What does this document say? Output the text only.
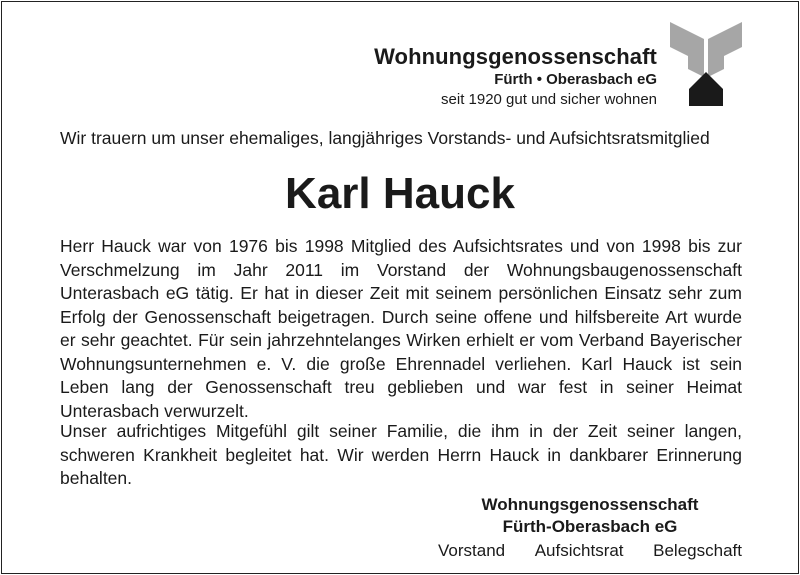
Wohnungsgenossenschaft
Fürth • Oberasbach eG
seit 1920 gut und sicher wohnen
Wir trauern um unser ehemaliges, langjähriges Vorstands- und Aufsichtsratsmitglied
Karl Hauck

Herr Hauck war von 1976 bis 1998 Mitglied des Aufsichtsrates und von 1998 bis zur Verschmelzung im Jahr 2011 im Vorstand der Wohnungsbaugenossenschaft Unterasbach eG tätig. Er hat in dieser Zeit mit seinem persönlichen Einsatz sehr zum Erfolg der Genossenschaft beigetragen. Durch seine offene und hilfsbereite Art wurde er sehr geachtet. Für sein jahrzehntelanges Wirken erhielt er vom Verband Bayerischer Wohnungsunternehmen e. V. die große Ehrennadel verliehen. Karl Hauck ist sein Leben lang der Genossenschaft treu geblieben und war fest in seiner Heimat Unterasbach verwurzelt.

Unser aufrichtiges Mitgefühl gilt seiner Familie, die ihm in der Zeit seiner langen, schweren Krankheit begleitet hat. Wir werden Herrn Hauck in dankbarer Erinnerung behalten.

Wohnungsgenossenschaft
Fürth-Oberasbach eG
Vorstand Aufsichtsrat Belegschaft
